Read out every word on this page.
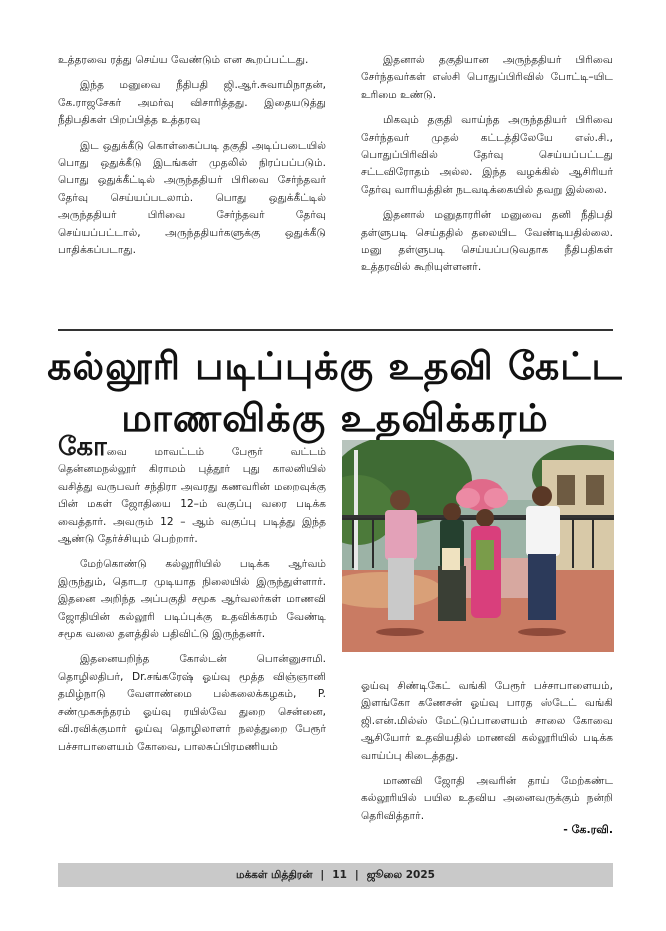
உத்தரவை ரத்து செய்ய வேண்டும் என கூறப்பட்டது.

இந்த மனுவை நீதிபதி ஜி.ஆர்.சுவாமிநாதன், கே.ராஜசேகர் அமர்வு விசாரித்தது. இதையடுத்து நீதிபதிகள் பிறப்பித்த உத்தரவு

இட ஒதுக்கீடு கொள்கைப்படி தகுதி அடிப்படையில் பொது ஒதுக்கீடு இடங்கள் முதலில் நிரப்பப்படும். பொது ஒதுக்கீட்டில் அருந்ததியர் பிரிவை சேர்ந்தவர் தேர்வு செய்யப்படலாம். பொது ஒதுக்கீட்டில் அருந்ததியர் பிரிவை சேர்ந்தவர் தேர்வு செய்யப்பட்டால், அருந்ததியர்களுக்கு ஒதுக்கீடு பாதிக்கப்படாது.

இதனால் தகுதியான அருந்ததியர் பிரிவை சேர்ந்தவர்கள் எஸ்சி பொதுப்பிரிவில் போட்டி–யிட உரிமை உண்டு.

மிகவும் தகுதி வாய்ந்த அருந்ததியர் பிரிவை சேர்ந்தவர் முதல் கட்டத்திலேயே எஸ்.சி., பொதுப்பிரிவில் தேர்வு செய்யப்பட்டது சட்டவிரோதம் அல்ல. இந்த வழக்கில் ஆசிரியர் தேர்வு வாரியத்தின் நடவடிக்கையில் தவறு இல்லை.

இதனால் மனுதாரரின் மனுவை தனி நீதிபதி தள்ளுபடி செய்ததில் தலையிட வேண்டியதில்லை. மனு தள்ளுபடி செய்யப்படுவதாக நீதிபதிகள் உத்தரவில் கூறியுள்ளனர்.

கல்லூரி படிப்புக்கு உதவி கேட்ட
மாணவிக்கு உதவிக்கரம்

கோவை மாவட்டம் பேரூர் வட்டம் தென்னமநல்லூர் கிராமம் புத்தூர் புது காலனியில் வசித்து வருபவர் சந்திரா அவரது கணவரின் மறைவுக்கு பின் மகள் ஜோதியை 12–ம் வகுப்பு வரை படிக்க வைத்தார். அவரும் 12 – ஆம் வகுப்பு படித்து இந்த ஆண்டு தேர்ச்சியும் பெற்றார்.

மேற்கொண்டு கல்லூரியில் படிக்க ஆர்வம் இருந்தும், தொடர முடியாத நிலையில் இருந்துள்ளார். இதனை அறிந்த அப்பகுதி சமூக ஆர்வலர்கள் மாணவி ஜோதியின் கல்லூரி படிப்புக்கு உதவிக்கரம் வேண்டி சமூக வலை தளத்தில் பதிவிட்டு இருந்தனர்.

இதனையறிந்த கோல்டன் பொன்னுசாமி. தொழிலதிபர், Dr.சங்கரேஷ் ஓய்வு மூத்த விஞ்ஞானி தமிழ்நாடு வேளாண்மை பல்கலைக்கழகம், P. சண்முகசுந்தரம் ஓய்வு ரயில்வே துறை சென்னை, வி.ரவிக்குமார் ஓய்வு தொழிலாளர் நலத்துறை பேரூர் பச்சாபாளையம் கோவை, பாலசுப்பிரமணியம்

ஓய்வு சிண்டிகேட் வங்கி பேரூர் பச்சாபாளையம், இளங்கோ கணேசன் ஓய்வு பாரத ஸ்டேட் வங்கி ஜி.என்.மில்ஸ் மேட்டுப்பாளையம் சாலை கோவை ஆசியோர் உதவியதில் மாணவி கல்லூரியில் படிக்க வாய்ப்பு கிடைத்தது.

மாணவி ஜோதி அவரின் தாய் மேற்கண்ட கல்லூரியில் பயில உதவிய அனைவருக்கும் நன்றி தெரிவித்தார்.

- கே.ரவி.
மக்கள் மித்திரன் | 11 | ஜூலை 2025
